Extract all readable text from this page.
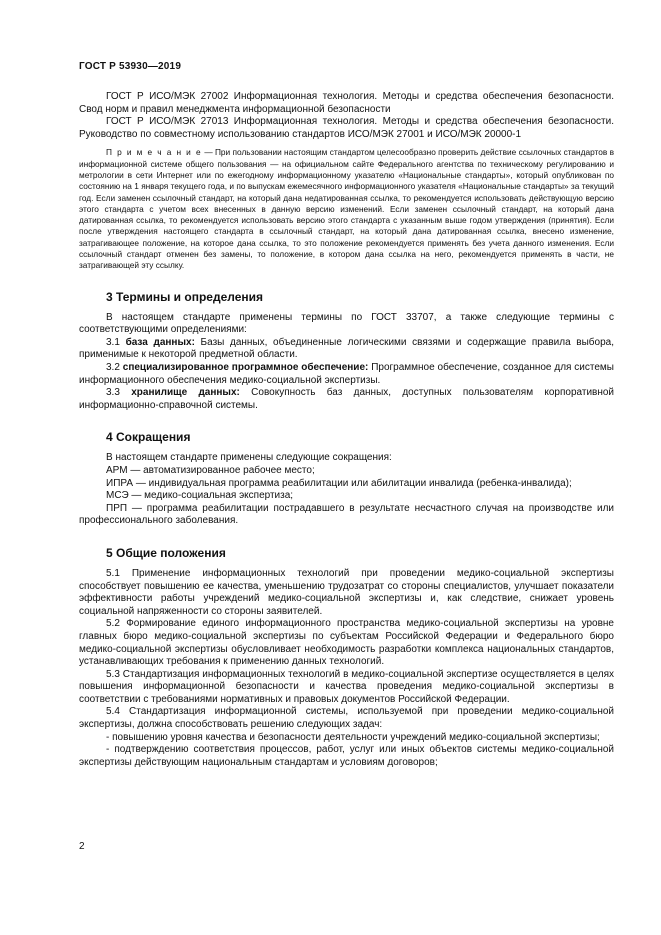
ГОСТ Р 53930—2019

ГОСТ Р ИСО/МЭК 27002 Информационная технология. Методы и средства обеспечения безопасности. Свод норм и правил менеджмента информационной безопасности

ГОСТ Р ИСО/МЭК 27013 Информационная технология. Методы и средства обеспечения безопасности. Руководство по совместному использованию стандартов ИСО/МЭК 27001 и ИСО/МЭК 20000-1

П р и м е ч а н и е — При пользовании настоящим стандартом целесообразно проверить действие ссылочных стандартов в информационной системе общего пользования — на официальном сайте Федерального агентства по техническому регулированию и метрологии в сети Интернет или по ежегодному информационному указателю «Национальные стандарты», который опубликован по состоянию на 1 января текущего года, и по выпускам ежемесячного информационного указателя «Национальные стандарты» за текущий год. Если заменен ссылочный стандарт, на который дана недатированная ссылка, то рекомендуется использовать действующую версию этого стандарта с учетом всех внесенных в данную версию изменений. Если заменен ссылочный стандарт, на который дана датированная ссылка, то рекомендуется использовать версию этого стандарта с указанным выше годом утверждения (принятия). Если после утверждения настоящего стандарта в ссылочный стандарт, на который дана датированная ссылка, внесено изменение, затрагивающее положение, на которое дана ссылка, то это положение рекомендуется применять без учета данного изменения. Если ссылочный стандарт отменен без замены, то положение, в котором дана ссылка на него, рекомендуется применять в части, не затрагивающей эту ссылку.

3 Термины и определения

В настоящем стандарте применены термины по ГОСТ 33707, а также следующие термины с соответствующими определениями:

3.1 база данных: Базы данных, объединенные логическими связями и содержащие правила выбора, применимые к некоторой предметной области.

3.2 специализированное программное обеспечение: Программное обеспечение, созданное для системы информационного обеспечения медико-социальной экспертизы.

3.3 хранилище данных: Совокупность баз данных, доступных пользователям корпоративной информационно-справочной системы.

4 Сокращения

В настоящем стандарте применены следующие сокращения:

АРМ — автоматизированное рабочее место;

ИПРА — индивидуальная программа реабилитации или абилитации инвалида (ребенка-инвалида);

МСЭ — медико-социальная экспертиза;

ПРП — программа реабилитации пострадавшего в результате несчастного случая на производстве или профессионального заболевания.

5 Общие положения

5.1 Применение информационных технологий при проведении медико-социальной экспертизы способствует повышению ее качества, уменьшению трудозатрат со стороны специалистов, улучшает показатели эффективности работы учреждений медико-социальной экспертизы и, как следствие, снижает уровень социальной напряженности со стороны заявителей.

5.2 Формирование единого информационного пространства медико-социальной экспертизы на уровне главных бюро медико-социальной экспертизы по субъектам Российской Федерации и Федерального бюро медико-социальной экспертизы обусловливает необходимость разработки комплекса национальных стандартов, устанавливающих требования к применению данных технологий.

5.3 Стандартизация информационных технологий в медико-социальной экспертизе осуществляется в целях повышения информационной безопасности и качества проведения медико-социальной экспертизы в соответствии с требованиями нормативных и правовых документов Российской Федерации.

5.4 Стандартизация информационной системы, используемой при проведении медико-социальной экспертизы, должна способствовать решению следующих задач:

- повышению уровня качества и безопасности деятельности учреждений медико-социальной экспертизы;

- подтверждению соответствия процессов, работ, услуг или иных объектов системы медико-социальной экспертизы действующим национальным стандартам и условиям договоров;

2
